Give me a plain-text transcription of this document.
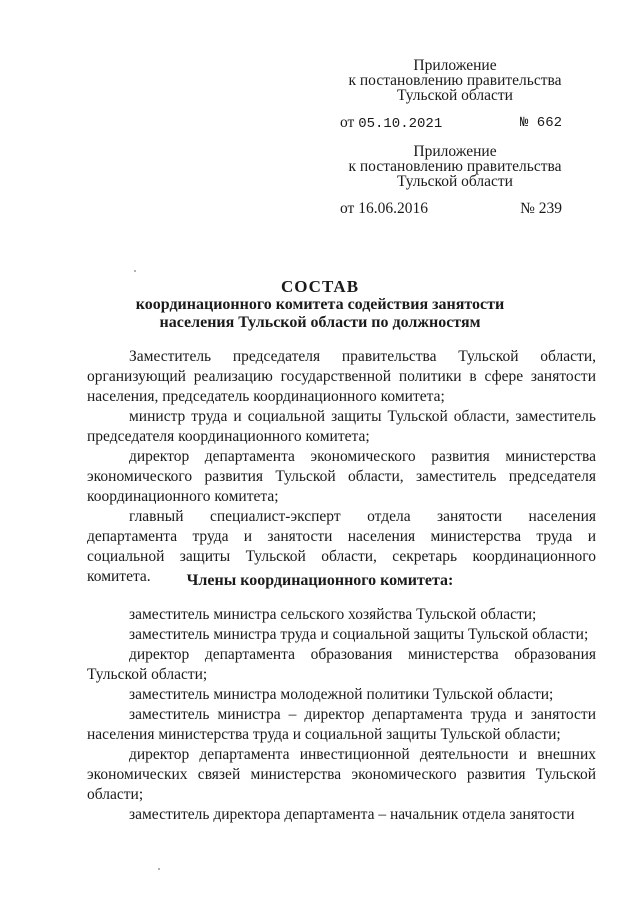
Приложение
к постановлению правительства
Тульской области
от 05.10.2021	№ 662
Приложение
к постановлению правительства
Тульской области
от 16.06.2016	№ 239
СОСТАВ
координационного комитета содействия занятости
населения Тульской области по должностям

Заместитель председателя правительства Тульской области, организующий реализацию государственной политики в сфере занятости населения, председатель координационного комитета;

министр труда и социальной защиты Тульской области, заместитель председателя координационного комитета;

директор департамента экономического развития министерства экономического развития Тульской области, заместитель председателя координационного комитета;

главный специалист-эксперт отдела занятости населения департамента труда и занятости населения министерства труда и социальной защиты Тульской области, секретарь координационного комитета.	Члены координационного комитета:

заместитель министра сельского хозяйства Тульской области;

заместитель министра труда и социальной защиты Тульской области;

директор департамента образования министерства образования Тульской области;

заместитель министра молодежной политики Тульской области;

заместитель министра – директор департамента труда и занятости населения министерства труда и социальной защиты Тульской области;

директор департамента инвестиционной деятельности и внешних экономических связей министерства экономического развития Тульской области;

заместитель директора департамента – начальник отдела занятости
